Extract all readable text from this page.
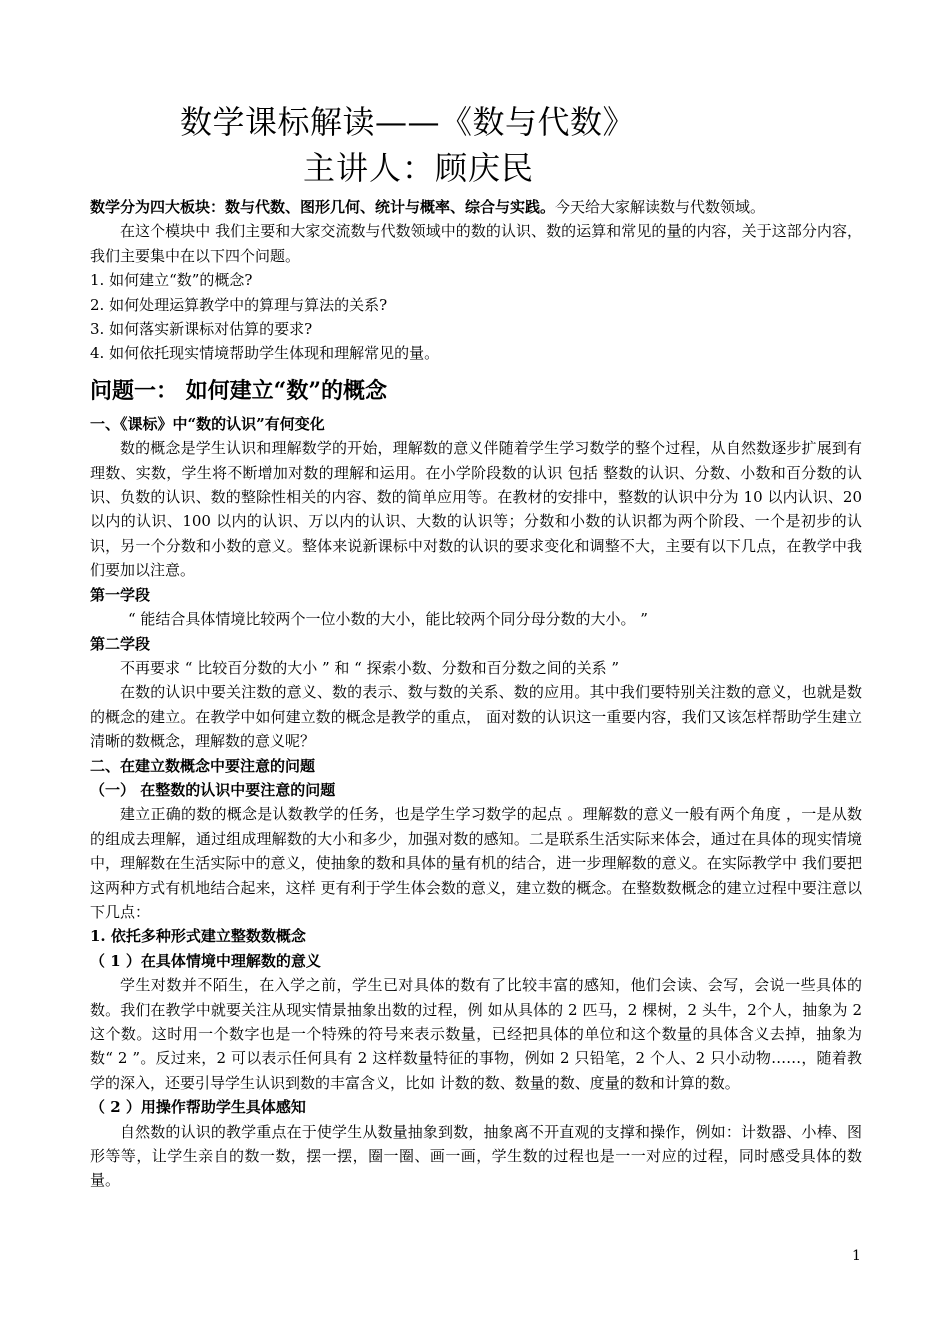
数学课标解读——《数与代数》
主讲人：顾庆民

数学分为四大板块：数与代数、图形几何、统计与概率、综合与实践。今天给大家解读数与代数领域。

在这个模块中 我们主要和大家交流数与代数领域中的数的认识、数的运算和常见的量的内容，关于这部分内容，我们主要集中在以下四个问题。

1. 如何建立“数”的概念?

2. 如何处理运算教学中的算理与算法的关系?

3. 如何落实新课标对估算的要求?

4. 如何依托现实情境帮助学生体现和理解常见的量。

问题一： 如何建立“数”的概念

一、《课标》中“数的认识”有何变化

数的概念是学生认识和理解数学的开始，理解数的意义伴随着学生学习数学的整个过程，从自然数逐步扩展到有理数、实数，学生将不断增加对数的理解和运用。在小学阶段数的认识 包括 整数的认识、分数、小数和百分数的认识、负数的认识、数的整除性相关的内容、数的简单应用等。在教材的安排中，整数的认识中分为 10 以内认识、20 以内的认识、100 以内的认识、万以内的认识、大数的认识等；分数和小数的认识都为两个阶段、一个是初步的认识，另一个分数和小数的意义。整体来说新课标中对数的认识的要求变化和调整不大，主要有以下几点，在教学中我们要加以注意。

第一学段

“ 能结合具体情境比较两个一位小数的大小，能比较两个同分母分数的大小。 ”

第二学段

不再要求 “ 比较百分数的大小 ” 和 “ 探索小数、分数和百分数之间的关系 ”

在数的认识中要关注数的意义、数的表示、数与数的关系、数的应用。其中我们要特别关注数的意义，也就是数的概念的建立。在教学中如何建立数的概念是教学的重点， 面对数的认识这一重要内容，我们又该怎样帮助学生建立清晰的数概念，理解数的意义呢？

二、在建立数概念中要注意的问题

（一） 在整数的认识中要注意的问题

建立正确的数的概念是认数教学的任务，也是学生学习数学的起点 。理解数的意义一般有两个角度 ，一是从数的组成去理解，通过组成理解数的大小和多少，加强对数的感知。二是联系生活实际来体会，通过在具体的现实情境中，理解数在生活实际中的意义，使抽象的数和具体的量有机的结合，进一步理解数的意义。在实际教学中 我们要把这两种方式有机地结合起来，这样 更有利于学生体会数的意义，建立数的概念。在整数数概念的建立过程中要注意以下几点：

1. 依托多种形式建立整数数概念

（ 1 ）在具体情境中理解数的意义

学生对数并不陌生，在入学之前，学生已对具体的数有了比较丰富的感知，他们会读、会写，会说一些具体的数。我们在教学中就要关注从现实情景抽象出数的过程，例 如从具体的 2 匹马，2 棵树，2 头牛，2个人，抽象为 2 这个数。这时用一个数字也是一个特殊的符号来表示数量，已经把具体的单位和这个数量的具体含义去掉，抽象为数“ 2 ”。反过来，2 可以表示任何具有 2 这样数量特征的事物，例如 2 只铅笔，2 个人、2 只小动物……，随着教学的深入，还要引导学生认识到数的丰富含义，比如 计数的数、数量的数、度量的数和计算的数。

（ 2 ）用操作帮助学生具体感知

自然数的认识的教学重点在于使学生从数量抽象到数，抽象离不开直观的支撑和操作，例如：计数器、小棒、图形等等，让学生亲自的数一数，摆一摆，圈一圈、画一画，学生数的过程也是一一对应的过程，同时感受具体的数量。

1
